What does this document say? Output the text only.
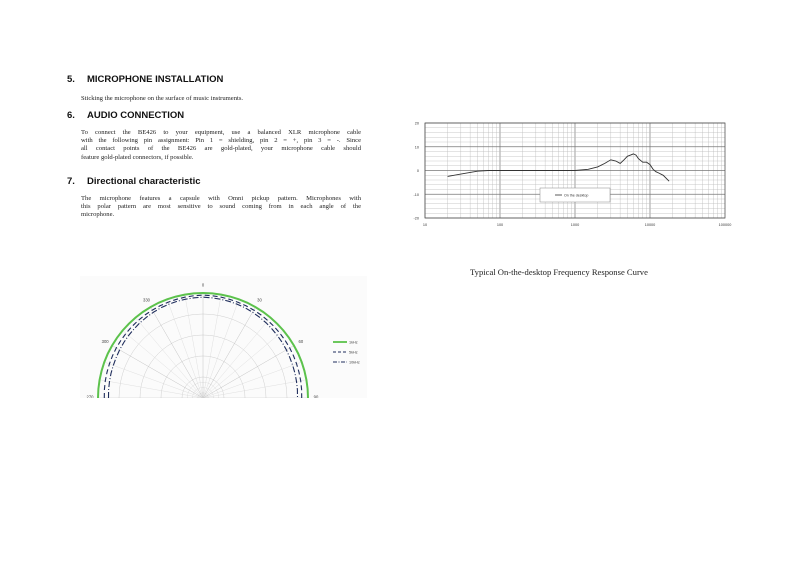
5. MICROPHONE INSTALLATION
Sticking the microphone on the surface of music instruments.
6. AUDIO CONNECTION
To connect the BE426 to your equipment, use a balanced XLR microphone cable
with the following pin assignment: Pin 1 = shielding, pin 2 = +, pin 3 = -. Since
all contact points of the BE426 are gold-plated, your microphone cable should
feature gold-plated connectors, if possible.
7. Directional characteristic
The microphone features a capsule with Omni pickup pattern. Microphones with
this polar pattern are most sensitive to sound coming from in each angle of the
microphone.
20
10
0
-10
-20
10	100	1000	10000	100000
On the desktop
Typical On-the-desktop Frequency Response Curve
0
30
60
90
330
300
270
1kHz
5kHz
10kHz
